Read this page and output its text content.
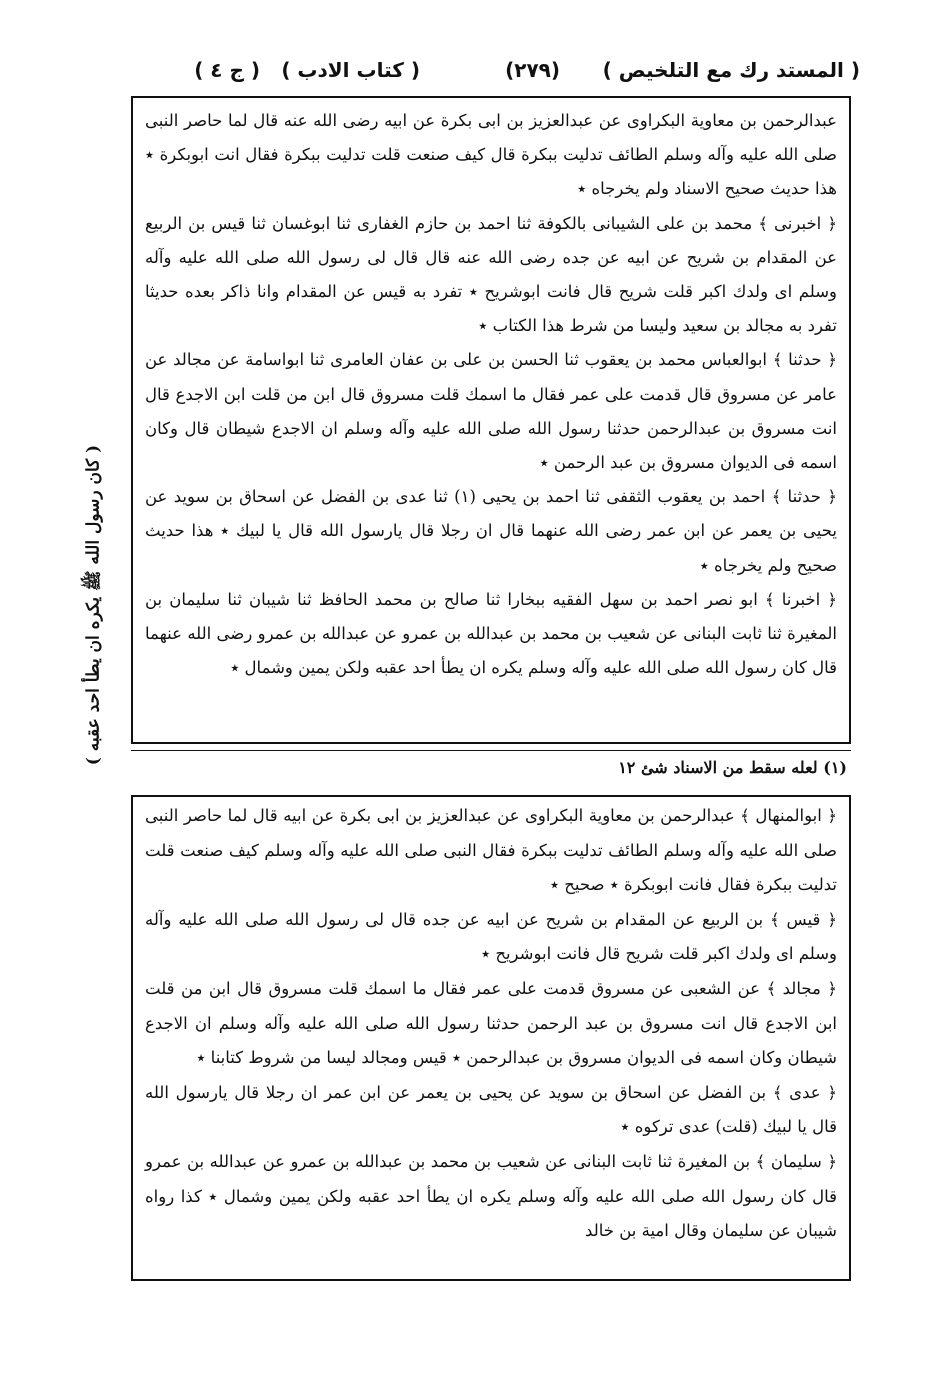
( المستد رك مع التلخيص )
(٢٧٩)
( كتاب الادب )
( ج ٤ )

عبدالرحمن بن معاوية البكراوى عن عبدالعزيز بن ابى بكرة عن ابيه رضى الله عنه قال لما حاصر النبى صلى الله عليه وآله وسلم الطائف تدليت ببكرة قال كيف صنعت قلت تدليت ببكرة فقال انت ابوبكرة ٭ هذا حديث صحيح الاسناد ولم يخرجاه ٭

﴿ اخبرنى ﴾ محمد بن على الشيبانى بالكوفة ثنا احمد بن حازم الغفارى ثنا ابوغسان ثنا قيس بن الربيع عن المقدام بن شريح عن ابيه عن جده رضى الله عنه قال قال لى رسول الله صلى الله عليه وآله وسلم اى ولدك اكبر قلت شريح قال فانت ابوشريح ٭ تفرد به قيس عن المقدام وانا ذاكر بعده حديثا تفرد به مجالد بن سعيد وليسا من شرط هذا الكتاب ٭

﴿ حدثنا ﴾ ابوالعباس محمد بن يعقوب ثنا الحسن بن على بن عفان العامرى ثنا ابواسامة عن مجالد عن عامر عن مسروق قال قدمت على عمر فقال ما اسمك قلت مسروق قال ابن من قلت ابن الاجدع قال انت مسروق بن عبدالرحمن حدثنا رسول الله صلى الله عليه وآله وسلم ان الاجدع شيطان قال وكان اسمه فى الديوان مسروق بن عبد الرحمن ٭

﴿ حدثنا ﴾ احمد بن يعقوب الثقفى ثنا احمد بن يحيى (١) ثنا عدى بن الفضل عن اسحاق بن سويد عن يحيى بن يعمر عن ابن عمر رضى الله عنهما قال ان رجلا قال يارسول الله قال يا لبيك ٭ هذا حديث صحيح ولم يخرجاه ٭

﴿ اخبرنا ﴾ ابو نصر احمد بن سهل الفقيه ببخارا ثنا صالح بن محمد الحافظ ثنا شيبان ثنا سليمان بن المغيرة ثنا ثابت البنانى عن شعيب بن محمد بن عبدالله بن عمرو عن عبدالله بن عمرو رضى الله عنهما قال كان رسول الله صلى الله عليه وآله وسلم يكره ان يطأ احد عقبه ولكن يمين وشمال ٭

(١) لعله سقط من الاسناد شئ ١٢

﴿ ابوالمنهال ﴾ عبدالرحمن بن معاوية البكراوى عن عبدالعزيز بن ابى بكرة عن ابيه قال لما حاصر النبى صلى الله عليه وآله وسلم الطائف تدليت ببكرة فقال النبى صلى الله عليه وآله وسلم كيف صنعت قلت تدليت ببكرة فقال فانت ابوبكرة ٭ صحيح ٭

﴿ قيس ﴾ بن الربيع عن المقدام بن شريح عن ابيه عن جده قال لى رسول الله صلى الله عليه وآله وسلم اى ولدك اكبر قلت شريح قال فانت ابوشريح ٭

﴿ مجالد ﴾ عن الشعبى عن مسروق قدمت على عمر فقال ما اسمك قلت مسروق قال ابن من قلت ابن الاجدع قال انت مسروق بن عبد الرحمن حدثنا رسول الله صلى الله عليه وآله وسلم ان الاجدع شيطان وكان اسمه فى الديوان مسروق بن عبدالرحمن ٭ قيس ومجالد ليسا من شروط كتابنا ٭

﴿ عدى ﴾ بن الفضل عن اسحاق بن سويد عن يحيى بن يعمر عن ابن عمر ان رجلا قال يارسول الله قال يا لبيك (قلت) عدى تركوه ٭

﴿ سليمان ﴾ بن المغيرة ثنا ثابت البنانى عن شعيب بن محمد بن عبدالله بن عمرو عن عبدالله بن عمرو قال كان رسول الله صلى الله عليه وآله وسلم يكره ان يطأ احد عقبه ولكن يمين وشمال ٭ كذا رواه شيبان عن سليمان وقال امية بن خالد

( كان رسول الله ﷺ يكره ان يطأ احد عقبه )
